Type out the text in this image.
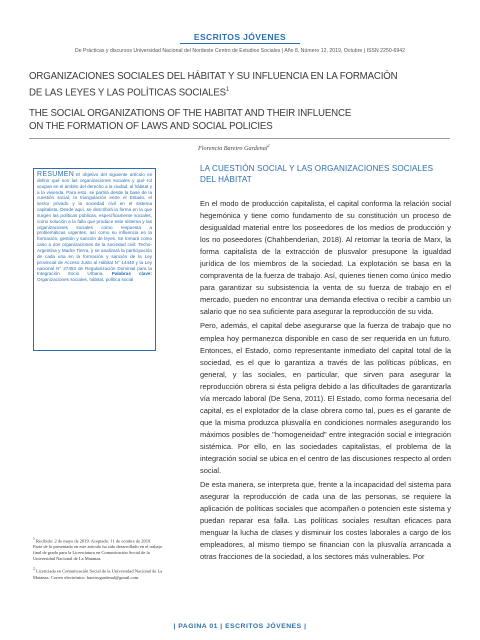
ESCRITOS JÓVENES
De Prácticas y discursos Universidad Nacional del Nordeste Centro de Estudios Sociales | Año 8, Número 12, 2019, Octubre | ISSN 2250-6942
ORGANIZACIONES SOCIALES DEL HÁBITAT Y SU INFLUENCIA EN LA FORMACIÓN
DE LAS LEYES Y LAS POLÍTICAS SOCIALES$^1$
THE SOCIAL ORGANIZATIONS OF THE HABITAT AND THEIR INFLUENCE
ON THE FORMATION OF LAWS AND SOCIAL POLICIES
Florencia Bareiro Gardenal$^2$
RESUMEN El objetivo del siguiente artículo es definir qué son las organizaciones sociales y qué rol ocupan en el ámbito del derecho a la ciudad, al hábitat y a la vivienda. Para esto, se partirá desde la base de la cuestión social, la triangulación entre el Estado, el sector privado y la sociedad civil en el sistema capitalista. Desde aquí, se describirá la forma en la que surgen las políticas públicas, específicamente sociales, como solución a la falla que produce este sistema y las organizaciones sociales como respuesta a problemáticas urgentes, así como su influencia en la formación, gestión y sanción de leyes. Se tomará como caso a dos organizaciones de la sociedad civil: Techo-Argentina y Madre Tierra, y se analizará la participación de cada una en la formación y sanción de la Ley provincial de Acceso Justo al Hábitat N° 14449 y la Ley nacional N° 27453 de Regularización Dominial para la Integración Socio Urbana. Palabras clave: Organizaciones sociales, hábitat, política social
$^1$ Recibido: 2 de mayo de 2019. Aceptado: 11 de octubre de 2019.
Parte de lo presentado en este artículo ha sido desarrollado en el trabajo final de grado para la Licenciatura en Comunicación Social de la Universidad Nacional de La Matanza.
$^2$ Licenciada en Comunicación Social de la Universidad Nacional de La Matanza. Correo electrónico: bareirogardenal@gmail.com.
LA CUESTIÓN SOCIAL Y LAS ORGANIZACIONES SOCIALES DEL HÁBITAT

En el modo de producción capitalista, el capital conforma la relación social hegemónica y tiene como fundamento de su constitución un proceso de desigualdad material entre los poseedores de los medios de producción y los no poseedores (Chahbenderian, 2018). Al retomar la teoría de Marx, la forma capitalista de la extracción de plusvalor presupone la igualdad jurídica de los miembros de la sociedad. La explotación se basa en la compraventa de la fuerza de trabajo. Así, quienes tienen como único medio para garantizar su subsistencia la venta de su fuerza de trabajo en el mercado, pueden no encontrar una demanda efectiva o recibir a cambio un salario que no sea suficiente para asegurar la reproducción de su vida.

Pero, además, el capital debe asegurarse que la fuerza de trabajo que no emplea hoy permanezca disponible en caso de ser requerida en un futuro. Entonces, el Estado, como representante inmediato del capital total de la sociedad, es el que lo garantiza a través de las políticas públicas, en general, y las sociales, en particular, que sirven para asegurar la reproducción obrera si ésta peligra debido a las dificultades de garantizarla vía mercado laboral (De Sena, 2011). El Estado, como forma necesaria del capital, es el explotador de la clase obrera como tal, pues es el garante de que la misma produzca plusvalía en condiciones normales asegurando los máximos posibles de "homogeneidad" entre integración social e integración sistémica. Por ello, en las sociedades capitalistas, el problema de la integración social se ubica en el centro de las discusiones respecto al orden social.

De esta manera, se interpreta que, frente a la incapacidad del sistema para asegurar la reproducción de cada una de las personas, se requiere la aplicación de políticas sociales que acompañen o potencien este sistema y puedan reparar esa falla. Las políticas sociales resultan eficaces para menguar la lucha de clases y disminuir los costes laborales a cargo de los empleadores, al mismo tiempo se financian con la plusvalía arrancada a otras fracciones de la sociedad, a los sectores más vulnerables. Por

| PAGINA 01 | ESCRITOS JÓVENES |
